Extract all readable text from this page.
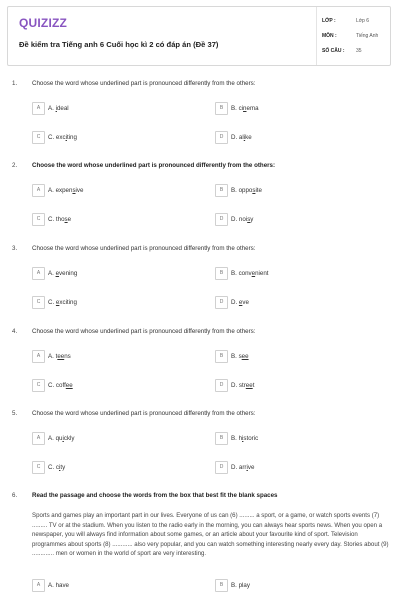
QUIZIZZ
Đề kiểm tra Tiếng anh 6 Cuối học kì 2 có đáp án (Đề 37)
LỚP :	Lớp 6
MÔN :	Tiếng Anh
SỐ CÂU : 35
1. Choose the word whose underlined part is pronounced differently from the others:
A	A. ideal	B	B. cinema
C	C. exciting	D	D. alike
2. Choose the word whose underlined part is pronounced differently from the others:
A	A. expensive	B	B. opposite
C	C. those	D	D. noisy
3. Choose the word whose underlined part is pronounced differently from the others:
A	A. evening	B	B. convenient
C	C. exciting	D	D. eve
4. Choose the word whose underlined part is pronounced differently from the others:
A	A. teens	B	B. see
C	C. coffee	D	D. street
5. Choose the word whose underlined part is pronounced differently from the others:
A	A. quickly	B	B. historic
C	C. city	D	D. arrive
6. Read the passage and choose the words from the box that best fit the blank spaces
A	A. have	B	B. play
Sports and games play an important part in our lives. Everyone of us can (6) ......... a sport, or a game, or watch sports events (7) ......... TV or at the stadium. When you listen to the radio early in the morning, you can always hear sports news. When you open a newspaper, you will always find information about some games, or an article about your favourite kind of sport. Television programmes about sports (8) ............ also very popular, and you can watch something interesting nearly every day. Stories about (9) ............. men or women in the world of sport are very interesting.
